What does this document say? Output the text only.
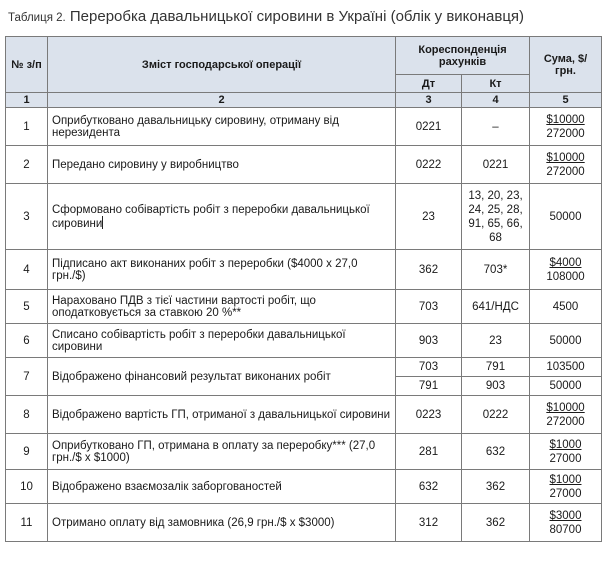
Таблиця 2. Переробка давальницької сировини в Україні (облік у виконавця)
№ з/п	Зміст господарської операції	Кореспонденція рахунків		Сума, $/грн.
		Дт	Кт	
1	2	3	4	5
1	Оприбутковано давальницьку сировину, отриману від нерезидента	0221	–	$10000
272000

2	Передано сировину у виробництво	0222	0221	$10000
272000

3	Сформовано собівартість робіт з переробки давальницької сировини	23	13, 20, 23, 24, 25, 28, 91, 65, 66, 68	50000
4	Підписано акт виконаних робіт з переробки ($4000 х 27,0 грн./$)	362	703*	$4000
108000

5	Нараховано ПДВ з тієї частини вартості робіт, що оподатковується за ставкою 20 %**	703	641/НДС	4500
6	Списано собівартість робіт з переробки давальницької сировини	903	23	50000
7	Відображено фінансовий результат виконаних робіт	703	791	103500
		791	903	50000
8	Відображено вартість ГП, отриманої з давальницької сировини	0223	0222	$10000
272000

9	Оприбутковано ГП, отримана в оплату за переробку*** (27,0 грн./$ х $1000)	281	632	$1000
27000

10	Відображено взаємозалік заборгованостей	632	362	$1000
27000

11	Отримано оплату від замовника (26,9 грн./$ х $3000)	312	362	$3000
80700
